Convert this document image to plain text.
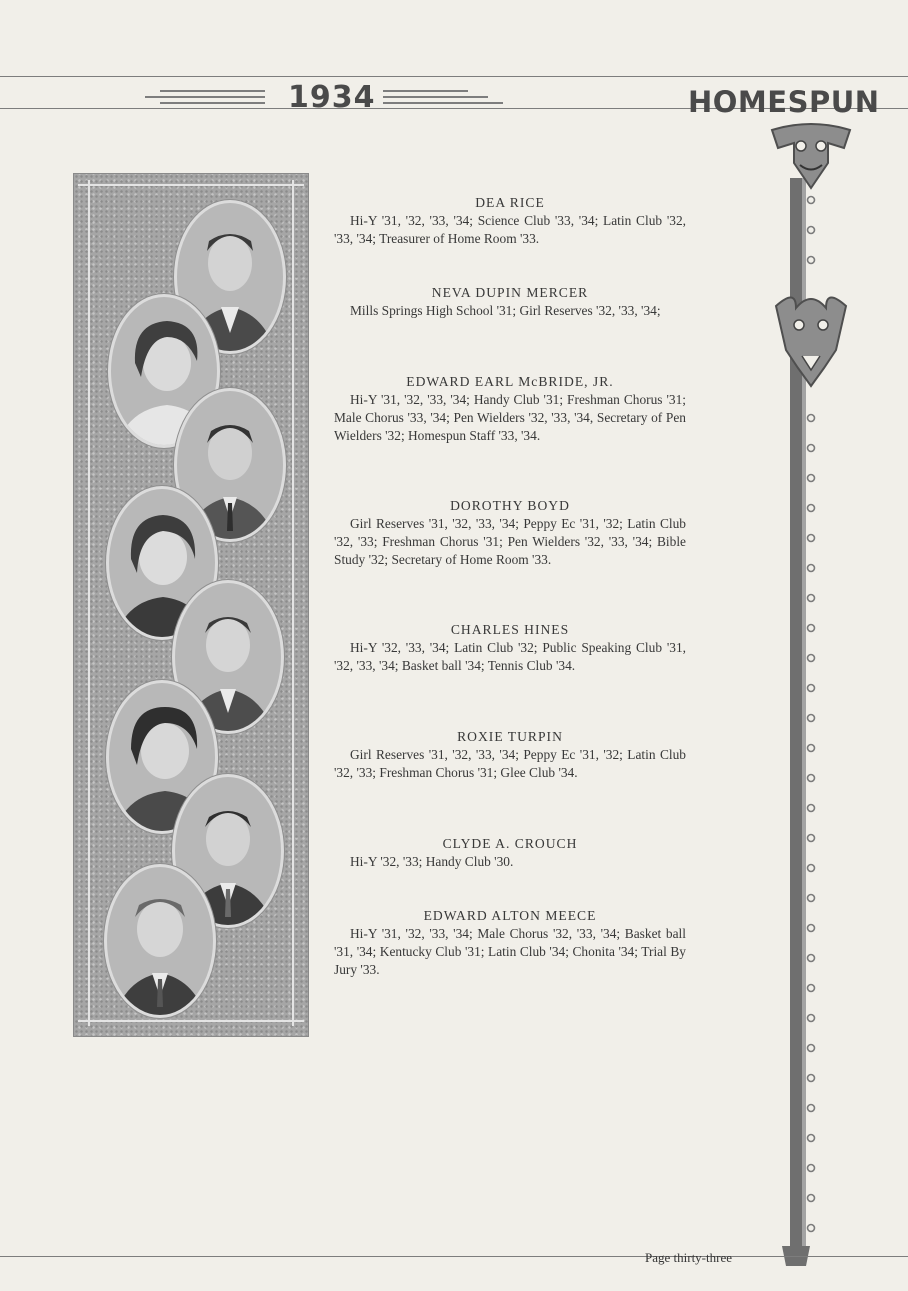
1934	HOMESPUN
DEA RICE
Hi-Y '31, '32, '33, '34; Science Club '33, '34; Latin Club '32, '33, '34; Treasurer of Home Room '33.
NEVA DUPIN MERCER
Mills Springs High School '31; Girl Reserves '32, '33, '34;
EDWARD EARL McBRIDE, JR.
Hi-Y '31, '32, '33, '34; Handy Club '31; Freshman Chorus '31; Male Chorus '33, '34; Pen Wielders '32, '33, '34, Secretary of Pen Wielders '32; Homespun Staff '33, '34.
DOROTHY BOYD
Girl Reserves '31, '32, '33, '34; Peppy Ec '31, '32; Latin Club '32, '33; Freshman Chorus '31; Pen Wielders '32, '33, '34; Bible Study '32; Secretary of Home Room '33.
CHARLES HINES
Hi-Y '32, '33, '34; Latin Club '32; Public Speaking Club '31, '32, '33, '34; Basket ball '34; Tennis Club '34.
ROXIE TURPIN
Girl Reserves '31, '32, '33, '34; Peppy Ec '31, '32; Latin Club '32, '33; Freshman Chorus '31; Glee Club '34.
CLYDE A. CROUCH
Hi-Y '32, '33; Handy Club '30.
EDWARD ALTON MEECE
Hi-Y '31, '32, '33, '34; Male Chorus '32, '33, '34; Basket ball '31, '34; Kentucky Club '31; Latin Club '34; Chonita '34; Trial By Jury '33.
Page thirty-three
